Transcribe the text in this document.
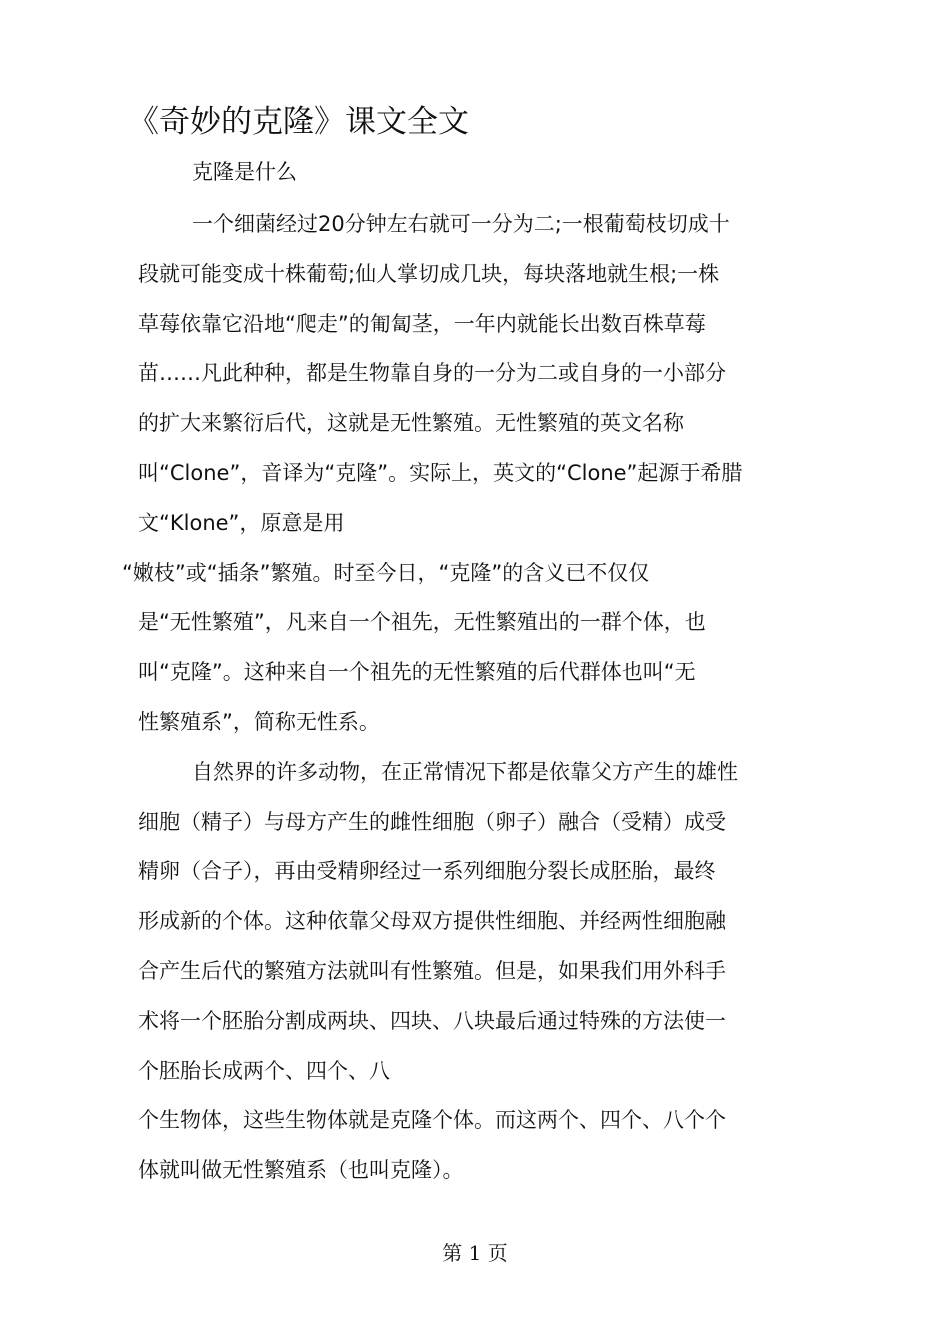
《奇妙的克隆》课文全文
克隆是什么
一个细菌经过20分钟左右就可一分为二;一根葡萄枝切成十
段就可能变成十株葡萄;仙人掌切成几块，每块落地就生根;一株
草莓依靠它沿地“爬走”的匍匐茎，一年内就能长出数百株草莓
苗……凡此种种，都是生物靠自身的一分为二或自身的一小部分
的扩大来繁衍后代，这就是无性繁殖。无性繁殖的英文名称
叫“Clone”，音译为“克隆”。实际上，英文的“Clone”起源于希腊
文“Klone”，原意是用
“嫩枝”或“插条”繁殖。时至今日，“克隆”的含义已不仅仅
是“无性繁殖”，凡来自一个祖先，无性繁殖出的一群个体，也
叫“克隆”。这种来自一个祖先的无性繁殖的后代群体也叫“无
性繁殖系”，简称无性系。
自然界的许多动物，在正常情况下都是依靠父方产生的雄性
细胞（精子）与母方产生的雌性细胞（卵子）融合（受精）成受
精卵（合子），再由受精卵经过一系列细胞分裂长成胚胎，最终
形成新的个体。这种依靠父母双方提供性细胞、并经两性细胞融
合产生后代的繁殖方法就叫有性繁殖。但是，如果我们用外科手
术将一个胚胎分割成两块、四块、八块最后通过特殊的方法使一
个胚胎长成两个、四个、八
个生物体，这些生物体就是克隆个体。而这两个、四个、八个个
体就叫做无性繁殖系（也叫克隆）。
第 1 页
